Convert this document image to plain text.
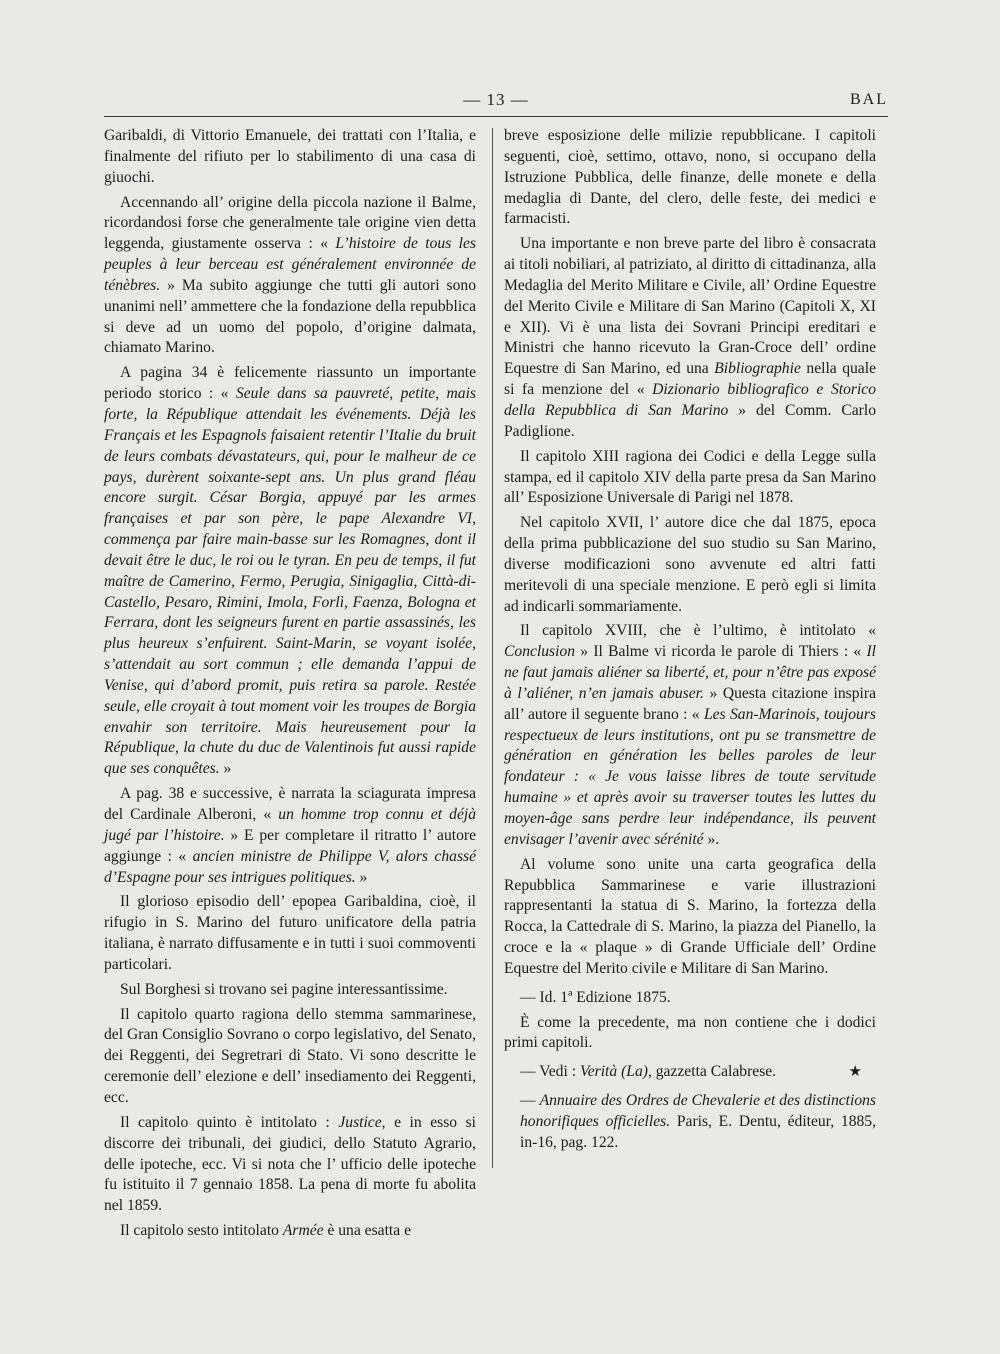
— 13 —	BAL

Garibaldi, di Vittorio Emanuele, dei trattati con l’Italia, e finalmente del rifiuto per lo stabilimento di una casa di giuochi.

Accennando all’ origine della piccola nazione il Balme, ricordandosi forse che generalmente tale origine vien detta leggenda, giustamente osserva : « L’histoire de tous les peuples à leur berceau est généralement environnée de ténèbres. » Ma subito aggiunge che tutti gli autori sono unanimi nell’ ammettere che la fondazione della repubblica si deve ad un uomo del popolo, d’origine dalmata, chiamato Marino.

A pagina 34 è felicemente riassunto un importante periodo storico : « Seule dans sa pauvreté, petite, mais forte, la République attendait les événements. Déjà les Français et les Espagnols faisaient retentir l’Italie du bruit de leurs combats dévastateurs, qui, pour le malheur de ce pays, durèrent soixante-sept ans. Un plus grand fléau encore surgit. César Borgia, appuyé par les armes françaises et par son père, le pape Alexandre VI, commença par faire main-basse sur les Romagnes, dont il devait être le duc, le roi ou le tyran. En peu de temps, il fut maître de Camerino, Fermo, Perugia, Sinigaglia, Città-di-Castello, Pesaro, Rimini, Imola, Forlì, Faenza, Bologna et Ferrara, dont les seigneurs furent en partie assassinés, les plus heureux s’enfuirent. Saint-Marin, se voyant isolée, s’attendait au sort commun ; elle demanda l’appui de Venise, qui d’abord promit, puis retira sa parole. Restée seule, elle croyait à tout moment voir les troupes de Borgia envahir son territoire. Mais heureusement pour la République, la chute du duc de Valentinois fut aussi rapide que ses conquêtes. »

A pag. 38 e successive, è narrata la sciagurata impresa del Cardinale Alberoni, « un homme trop connu et déjà jugé par l’histoire. » E per completare il ritratto l’ autore aggiunge : « ancien ministre de Philippe V, alors chassé d’Espagne pour ses intrigues politiques. »

Il glorioso episodio dell’ epopea Garibaldina, cioè, il rifugio in S. Marino del futuro unificatore della patria italiana, è narrato diffusamente e in tutti i suoi commoventi particolari.

Sul Borghesi si trovano sei pagine interessantissime.

Il capitolo quarto ragiona dello stemma sammarinese, del Gran Consiglio Sovrano o corpo legislativo, del Senato, dei Reggenti, dei Segretrari di Stato. Vi sono descritte le ceremonie dell’ elezione e dell’ insediamento dei Reggenti, ecc.

Il capitolo quinto è intitolato : Justice, e in esso si discorre dei tribunali, dei giudici, dello Statuto Agrario, delle ipoteche, ecc. Vi si nota che l’ ufficio delle ipoteche fu istituito il 7 gennaio 1858. La pena di morte fu abolita nel 1859.

Il capitolo sesto intitolato Armée è una esatta e

breve esposizione delle milizie repubblicane. I capitoli seguenti, cioè, settimo, ottavo, nono, si occupano della Istruzione Pubblica, delle finanze, delle monete e della medaglia di Dante, del clero, delle feste, dei medici e farmacisti.

Una importante e non breve parte del libro è consacrata ai titoli nobiliari, al patriziato, al diritto di cittadinanza, alla Medaglia del Merito Militare e Civile, all’ Ordine Equestre del Merito Civile e Militare di San Marino (Capitoli X, XI e XII). Vi è una lista dei Sovrani Principi ereditari e Ministri che hanno ricevuto la Gran-Croce dell’ ordine Equestre di San Marino, ed una Bibliographie nella quale si fa menzione del « Dizionario bibliografico e Storico della Repubblica di San Marino » del Comm. Carlo Padiglione.

Il capitolo XIII ragiona dei Codici e della Legge sulla stampa, ed il capitolo XIV della parte presa da San Marino all’ Esposizione Universale di Parigi nel 1878.

Nel capitolo XVII, l’ autore dice che dal 1875, epoca della prima pubblicazione del suo studio su San Marino, diverse modificazioni sono avvenute ed altri fatti meritevoli di una speciale menzione. E però egli si limita ad indicarli sommariamente.

Il capitolo XVIII, che è l’ultimo, è intitolato « Conclusion » Il Balme vi ricorda le parole di Thiers : « Il ne faut jamais aliéner sa liberté, et, pour n’être pas exposé à l’aliéner, n’en jamais abuser. » Questa citazione inspira all’ autore il seguente brano : « Les San-Marinois, toujours respectueux de leurs institutions, ont pu se transmettre de génération en génération les belles paroles de leur fondateur : « Je vous laisse libres de toute servitude humaine » et après avoir su traverser toutes les luttes du moyen-âge sans perdre leur indépendance, ils peuvent envisager l’avenir avec sérénité ».

Al volume sono unite una carta geografica della Repubblica Sammarinese e varie illustrazioni rappresentanti la statua di S. Marino, la fortezza della Rocca, la Cattedrale di S. Marino, la piazza del Pianello, la croce e la « plaque » di Grande Ufficiale dell’ Ordine Equestre del Merito civile e Militare di San Marino.

— Id. 1ª Edizione 1875.

È come la precedente, ma non contiene che i dodici primi capitoli.

★
— Vedi : Verità (La), gazzetta Calabrese.

— Annuaire des Ordres de Chevalerie et des distinctions honorifiques officielles. Paris, E. Dentu, éditeur, 1885, in-16, pag. 122.
